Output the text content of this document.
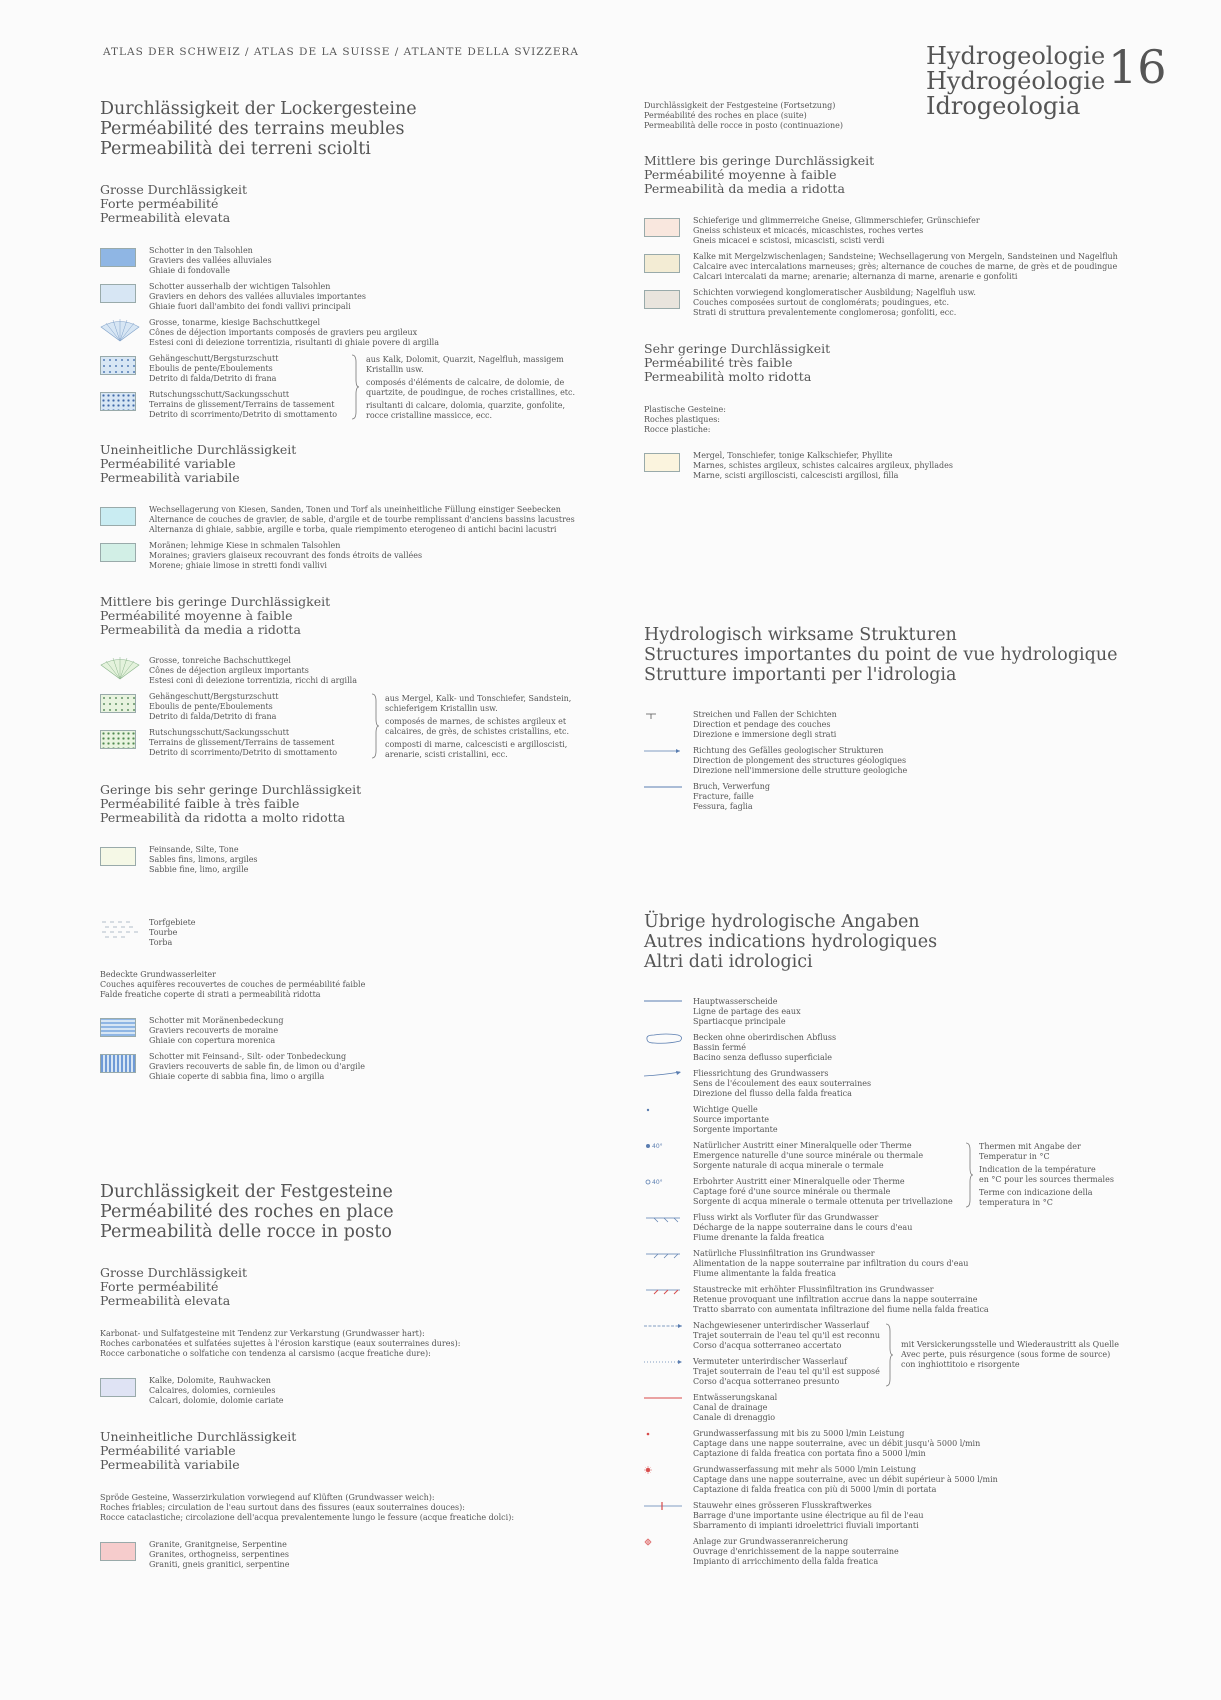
ATLAS DER SCHWEIZ / ATLAS DE LA SUISSE / ATLANTE DELLA SVIZZERA	Hydrogeologie
Hydrogéologie
Idrogeologia
16
Durchlässigkeit der Lockergesteine
Perméabilité des terrains meubles
Permeabilità dei terreni sciolti
Grosse Durchlässigkeit
Forte perméabilité
Permeabilità elevata
Schotter in den Talsohlen
Graviers des vallées alluviales
Ghiaie di fondovalle
Schotter ausserhalb der wichtigen Talsohlen
Graviers en dehors des vallées alluviales importantes
Ghiaie fuori dall'ambito dei fondi vallivi principali
Grosse, tonarme, kiesige Bachschuttkegel
Cônes de déjection importants composés de graviers peu argileux
Estesi coni di deiezione torrentizia, risultanti di ghiaie povere di argilla
Gehängeschutt/Bergsturzschutt
Eboulis de pente/Eboulements
Detrito di falda/Detrito di frana
Rutschungsschutt/Sackungsschutt
Terrains de glissement/Terrains de tassement
Detrito di scorrimento/Detrito di smottamento
aus Kalk, Dolomit, Quarzit, Nagelfluh, massigem
Kristallin usw.
composés d'éléments de calcaire, de dolomie, de
quartzite, de poudingue, de roches cristallines, etc.
risultanti di calcare, dolomia, quarzite, gonfolite,
rocce cristalline massicce, ecc.
Uneinheitliche Durchlässigkeit
Perméabilité variable
Permeabilità variabile
Wechsellagerung von Kiesen, Sanden, Tonen und Torf als uneinheitliche Füllung einstiger Seebecken
Alternance de couches de gravier, de sable, d'argile et de tourbe remplissant d'anciens bassins lacustres
Alternanza di ghiaie, sabbie, argille e torba, quale riempimento eterogeneo di antichi bacini lacustri
Moränen; lehmige Kiese in schmalen Talsohlen
Moraines; graviers glaiseux recouvrant des fonds étroits de vallées
Morene; ghiaie limose in stretti fondi vallivi
Mittlere bis geringe Durchlässigkeit
Perméabilité moyenne à faible
Permeabilità da media a ridotta
Grosse, tonreiche Bachschuttkegel
Cônes de déjection argileux importants
Estesi coni di deiezione torrentizia, ricchi di argilla
Gehängeschutt/Bergsturzschutt
Eboulis de pente/Eboulements
Detrito di falda/Detrito di frana
Rutschungsschutt/Sackungsschutt
Terrains de glissement/Terrains de tassement
Detrito di scorrimento/Detrito di smottamento
aus Mergel, Kalk- und Tonschiefer, Sandstein,
schieferigem Kristallin usw.
composés de marnes, de schistes argileux et
calcaires, de grès, de schistes cristallins, etc.
composti di marne, calcescisti e argilloscisti,
arenarie, scisti cristallini, ecc.
Geringe bis sehr geringe Durchlässigkeit
Perméabilité faible à très faible
Permeabilità da ridotta a molto ridotta
Feinsande, Silte, Tone
Sables fins, limons, argiles
Sabbie fine, limo, argille
Torfgebiete
Tourbe
Torba
Bedeckte Grundwasserleiter
Couches aquifères recouvertes de couches de perméabilité faible
Falde freatiche coperte di strati a permeabilità ridotta
Schotter mit Moränenbedeckung
Graviers recouverts de moraine
Ghiaie con copertura morenica
Schotter mit Feinsand-, Silt- oder Tonbedeckung
Graviers recouverts de sable fin, de limon ou d'argile
Ghiaie coperte di sabbia fina, limo o argilla
Durchlässigkeit der Festgesteine
Perméabilité des roches en place
Permeabilità delle rocce in posto
Grosse Durchlässigkeit
Forte perméabilité
Permeabilità elevata
Karbonat- und Sulfatgesteine mit Tendenz zur Verkarstung (Grundwasser hart):
Roches carbonatées et sulfatées sujettes à l'érosion karstique (eaux souterraines dures):
Rocce carbonatiche o solfatiche con tendenza al carsismo (acque freatiche dure):
Kalke, Dolomite, Rauhwacken
Calcaires, dolomies, cornieules
Calcari, dolomie, dolomie cariate
Uneinheitliche Durchlässigkeit
Perméabilité variable
Permeabilità variabile
Spröde Gesteine, Wasserzirkulation vorwiegend auf Klüften (Grundwasser weich):
Roches friables; circulation de l'eau surtout dans des fissures (eaux souterraines douces):
Rocce cataclastiche; circolazione dell'acqua prevalentemente lungo le fessure (acque freatiche dolci):
Granite, Granitgneise, Serpentine
Granites, orthogneiss, serpentines
Graniti, gneis granitici, serpentine
Durchlässigkeit der Festgesteine (Fortsetzung)
Perméabilité des roches en place (suite)
Permeabilità delle rocce in posto (continuazione)
Mittlere bis geringe Durchlässigkeit
Perméabilité moyenne à faible
Permeabilità da media a ridotta
Schieferige und glimmerreiche Gneise, Glimmerschiefer, Grünschiefer
Gneiss schisteux et micacés, micaschistes, roches vertes
Gneis micacei e scistosi, micascisti, scisti verdi
Kalke mit Mergelzwischenlagen; Sandsteine; Wechsellagerung von Mergeln, Sandsteinen und Nagelfluh
Calcaire avec intercalations marneuses; grès; alternance de couches de marne, de grès et de poudingue
Calcari intercalati da marne; arenarie; alternanza di marne, arenarie e gonfoliti
Schichten vorwiegend konglomeratischer Ausbildung; Nagelfluh usw.
Couches composées surtout de conglomérats; poudingues, etc.
Strati di struttura prevalentemente conglomerosa; gonfoliti, ecc.
Sehr geringe Durchlässigkeit
Perméabilité très faible
Permeabilità molto ridotta
Plastische Gesteine:
Roches plastiques:
Rocce plastiche:
Mergel, Tonschiefer, tonige Kalkschiefer, Phyllite
Marnes, schistes argileux, schistes calcaires argileux, phyllades
Marne, scisti argilloscisti, calcescisti argillosi, filla
Hydrologisch wirksame Strukturen
Structures importantes du point de vue hydrologique
Strutture importanti per l'idrologia
Streichen und Fallen der Schichten
Direction et pendage des couches
Direzione e immersione degli strati
Richtung des Gefälles geologischer Strukturen
Direction de plongement des structures géologiques
Direzione nell'immersione delle strutture geologiche
Bruch, Verwerfung
Fracture, faille
Fessura, faglia
Übrige hydrologische Angaben
Autres indications hydrologiques
Altri dati idrologici
Hauptwasserscheide
Ligne de partage des eaux
Spartiacque principale
Becken ohne oberirdischen Abfluss
Bassin fermé
Bacino senza deflusso superficiale
Fliessrichtung des Grundwassers
Sens de l'écoulement des eaux souterraines
Direzione del flusso della falda freatica
Wichtige Quelle
Source importante
Sorgente importante
40°	Natürlicher Austritt einer Mineralquelle oder Therme
Emergence naturelle d'une source minérale ou thermale
Sorgente naturale di acqua minerale o termale
40°	Erbohrter Austritt einer Mineralquelle oder Therme
Captage foré d'une source minérale ou thermale
Sorgente di acqua minerale o termale ottenuta per trivellazione
Thermen mit Angabe der
Temperatur in °C
Indication de la température
en °C pour les sources thermales
Terme con indicazione della
temperatura in °C
Fluss wirkt als Vorfluter für das Grundwasser
Décharge de la nappe souterraine dans le cours d'eau
Fiume drenante la falda freatica
Natürliche Flussinfiltration ins Grundwasser
Alimentation de la nappe souterraine par infiltration du cours d'eau
Fiume alimentante la falda freatica
Staustrecke mit erhöhter Flussinfiltration ins Grundwasser
Retenue provoquant une infiltration accrue dans la nappe souterraine
Tratto sbarrato con aumentata infiltrazione del fiume nella falda freatica
Nachgewiesener unterirdischer Wasserlauf
Trajet souterrain de l'eau tel qu'il est reconnu
Corso d'acqua sotterraneo accertato
Vermuteter unterirdischer Wasserlauf
Trajet souterrain de l'eau tel qu'il est supposé
Corso d'acqua sotterraneo presunto
mit Versickerungsstelle und Wiederaustritt als Quelle
Avec perte, puis résurgence (sous forme de source)
con inghiottitoio e risorgente
Entwässerungskanal
Canal de drainage
Canale di drenaggio
Grundwasserfassung mit bis zu 5000 l/min Leistung
Captage dans une nappe souterraine, avec un débit jusqu'à 5000 l/min
Captazione di falda freatica con portata fino a 5000 l/min
Grundwasserfassung mit mehr als 5000 l/min Leistung
Captage dans une nappe souterraine, avec un débit supérieur à 5000 l/min
Captazione di falda freatica con più di 5000 l/min di portata
Stauwehr eines grösseren Flusskraftwerkes
Barrage d'une importante usine électrique au fil de l'eau
Sbarramento di impianti idroelettrici fluviali importanti
Anlage zur Grundwasseranreicherung
Ouvrage d'enrichissement de la nappe souterraine
Impianto di arricchimento della falda freatica
